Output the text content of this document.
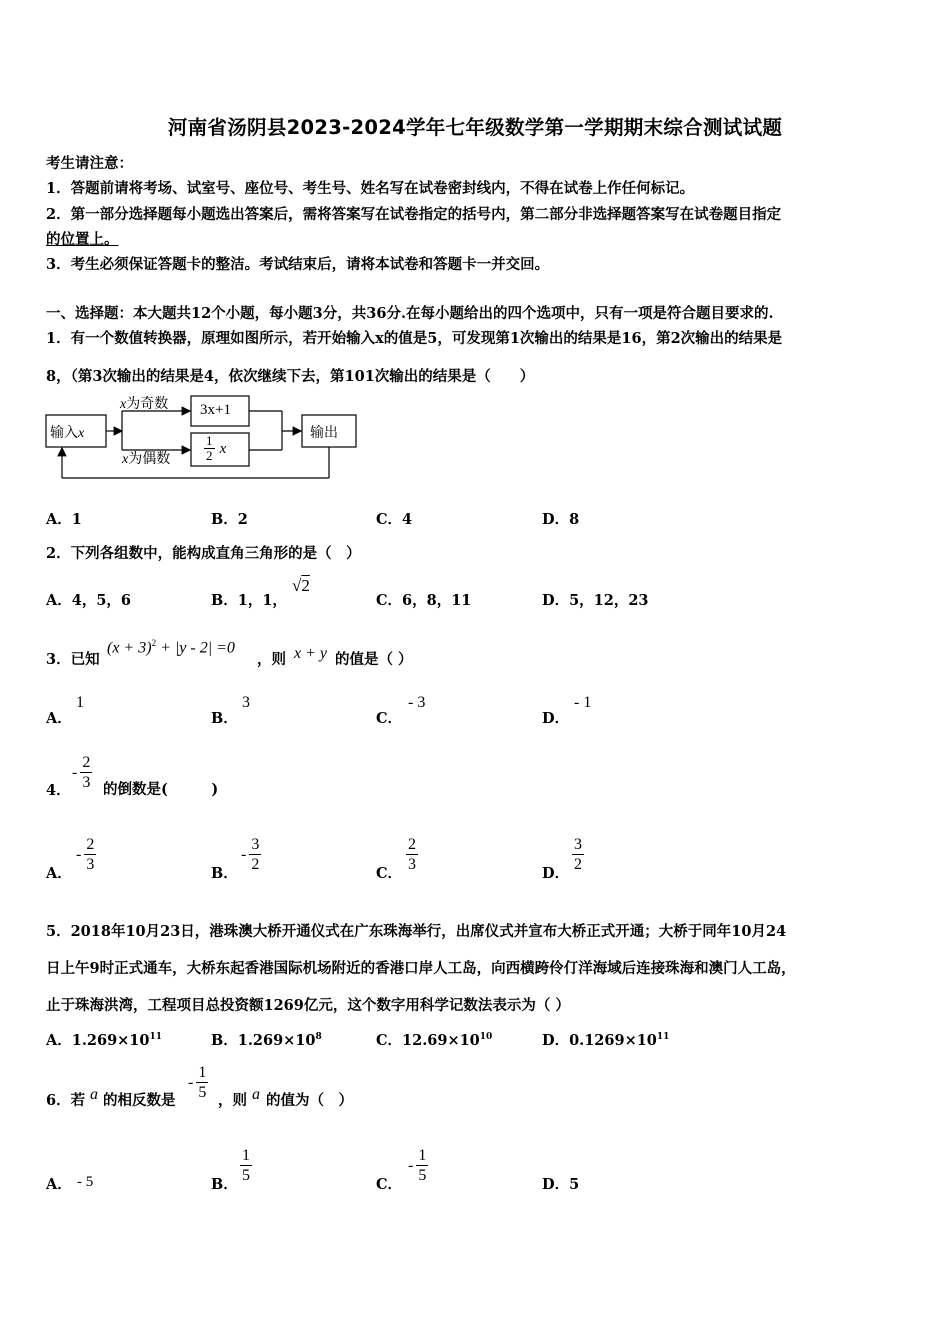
河南省汤阴县2023-2024学年七年级数学第一学期期末综合测试试题
考生请注意：
1．答题前请将考场、试室号、座位号、考生号、姓名写在试卷密封线内，不得在试卷上作任何标记。
2．第一部分选择题每小题选出答案后，需将答案写在试卷指定的括号内，第二部分非选择题答案写在试卷题目指定
的位置上。
3．考生必须保证答题卡的整洁。考试结束后，请将本试卷和答题卡一并交回。
一、选择题：本大题共12个小题，每小题3分，共36分.在每小题给出的四个选项中，只有一项是符合题目要求的.
1．有一个数值转换器，原理如图所示，若开始输入x的值是5，可发现第1次输出的结果是16，第2次输出的结果是
8，（第3次输出的结果是4，依次继续下去，第101次输出的结果是（　　）
输入x
x为奇数
x为偶数
3x+1
$\frac{1}{2}$ x
输出
A．1	B．2	C．4	D．8
2．下列各组数中，能构成直角三角形的是（　）
A．4，5，6	B．1，1，
√2
C．6，8，11	D．5，12，23
3．已知
$(x + 3)^2 + |y - 2| =0$
，则 x + y 的值是（ ）
A．
1
B．
3
C．
- 3
D．
- 1
4．
- $\frac{2}{3}$ 的倒数是(　　　)
A．
- $\frac{2}{3}$	B．
- $\frac{3}{2}$	C． $\frac{2}{3}$	D． $\frac{3}{2}$
5．2018年10月23日，港珠澳大桥开通仪式在广东珠海举行，出席仪式并宣布大桥正式开通；大桥于同年10月24
日上午9时正式通车，大桥东起香港国际机场附近的香港口岸人工岛，向西横跨伶仃洋海域后连接珠海和澳门人工岛，
止于珠海洪湾，工程项目总投资额1269亿元，这个数字用科学记数法表示为（ ）
A．$1.269\times 10^{11}$	B．$1.269\times 10^8$	C．$12.69\times 10^{10}$	D．$0.1269\times 10^{11}$
6．若 a 的相反数是
- $\frac{1}{5}$ ，则 a 的值为（　）
A． - 5	B． $\frac{1}{5}$	C．
- $\frac{1}{5}$	D．5
